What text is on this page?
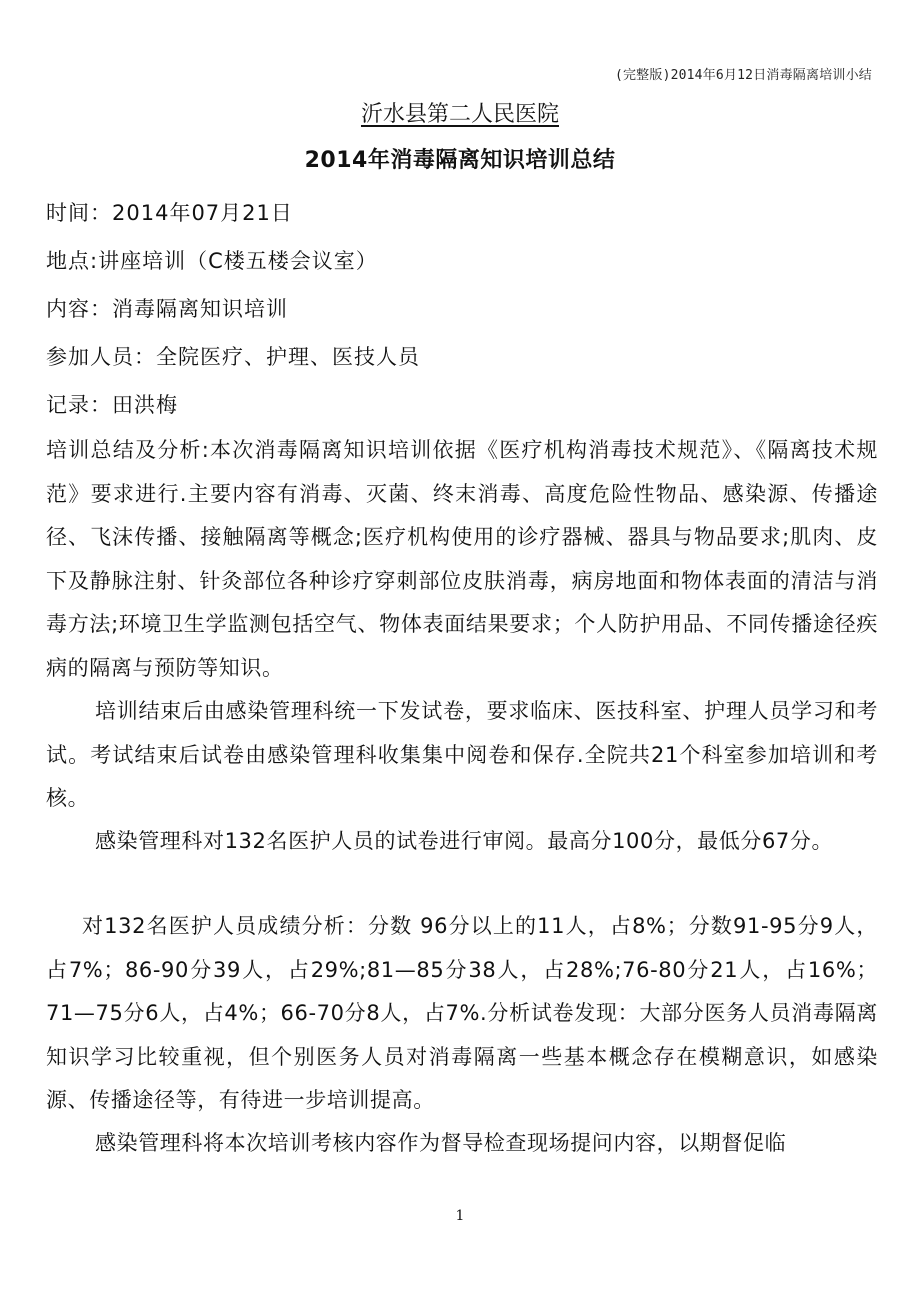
(完整版)2014年6月12日消毒隔离培训小结
沂水县第二人民医院
2014年消毒隔离知识培训总结
时间：2014年07月21日
地点:讲座培训（C楼五楼会议室）
内容：消毒隔离知识培训
参加人员：全院医疗、护理、医技人员
记录：田洪梅
培训总结及分析:本次消毒隔离知识培训依据《医疗机构消毒技术规范》、《隔离技术规范》要求进行.主要内容有消毒、灭菌、终末消毒、高度危险性物品、感染源、传播途径、飞沫传播、接触隔离等概念;医疗机构使用的诊疗器械、器具与物品要求;肌肉、皮下及静脉注射、针灸部位各种诊疗穿刺部位皮肤消毒，病房地面和物体表面的清洁与消毒方法;环境卫生学监测包括空气、物体表面结果要求；个人防护用品、不同传播途径疾病的隔离与预防等知识。
培训结束后由感染管理科统一下发试卷，要求临床、医技科室、护理人员学习和考试。考试结束后试卷由感染管理科收集集中阅卷和保存.全院共21个科室参加培训和考核。
感染管理科对132名医护人员的试卷进行审阅。最高分100分，最低分67分。
对132名医护人员成绩分析：分数 96分以上的11人，占8%；分数91-95分9人，占7%；86-90分39人，占29%;81—85分38人，占28%;76-80分21人，占16%；71—75分6人，占4%；66-70分8人，占7%.分析试卷发现：大部分医务人员消毒隔离知识学习比较重视，但个别医务人员对消毒隔离一些基本概念存在模糊意识，如感染源、传播途径等，有待进一步培训提高。
感染管理科将本次培训考核内容作为督导检查现场提问内容，以期督促临
1
